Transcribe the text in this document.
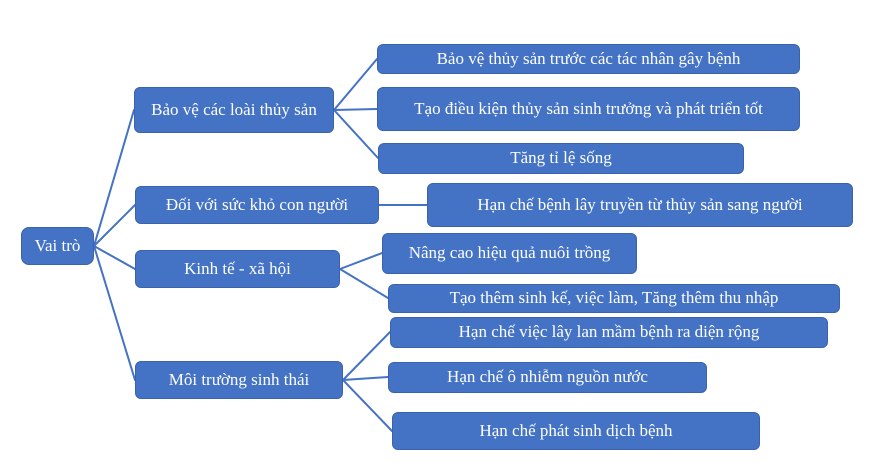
Vai trò
Bảo vệ các loài thủy sản
Bảo vệ thủy sản trước các tác nhân gây bệnh
Tạo điều kiện thủy sản sinh trưởng và phát triển tốt
Tăng tỉ lệ sống
Đối với sức khỏ con người	Hạn chế bệnh lây truyền từ thủy sản sang người
Kinh tế - xã hội
Nâng cao hiệu quả nuôi trồng
Tạo thêm sinh kế, việc làm, Tăng thêm thu nhập
Môi trường sinh thái
Hạn chế việc lây lan mầm bệnh ra diện rộng
Hạn chế ô nhiễm nguồn nước
Hạn chế phát sinh dịch bệnh
